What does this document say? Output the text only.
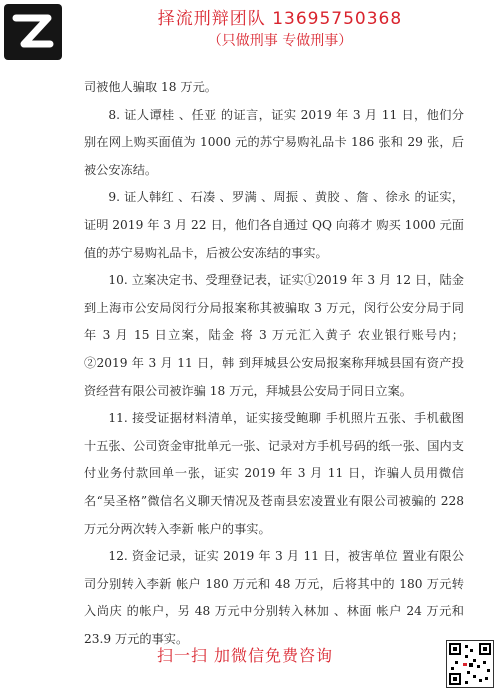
择流刑辩团队 13695750368
（只做刑事 专做刑事）

司被他人骗取 18 万元。

8. 证人谭桂 、任亚 的证言，证实 2019 年 3 月 11 日，他们分别在网上购买面值为 1000 元的苏宁易购礼品卡 186 张和 29 张，后被公安冻结。

9. 证人韩红 、石凑 、罗满 、周振 、黄胶 、詹 、徐永 的证实，证明 2019 年 3 月 22 日，他们各自通过 QQ 向蒋才 购买 1000 元面值的苏宁易购礼品卡，后被公安冻结的事实。

10. 立案决定书、受理登记表，证实①2019 年 3 月 12 日，陆金 到上海市公安局闵行分局报案称其被骗取 3 万元，闵行公安分局于同年 3 月 15 日立案，陆金 将 3 万元汇入黄子 农业银行账号内；②2019 年 3 月 11 日，韩 到拜城县公安局报案称拜城县国有资产投资经营有限公司被诈骗 18 万元，拜城县公安局于同日立案。

11. 接受证据材料清单，证实接受鲍聊 手机照片五张、手机截图十五张、公司资金审批单元一张、记录对方手机号码的纸一张、国内支付业务付款回单一张，证实 2019 年 3 月 11 日，诈骗人员用微信名“吴圣格”微信名义聊天情况及苍南县宏凌置业有限公司被骗的 228 万元分两次转入李新 帐户的事实。

12. 资金记录，证实 2019 年 3 月 11 日，被害单位 置业有限公司分别转入李新 帐户 180 万元和 48 万元，后将其中的 180 万元转入尚庆 的帐户，另 48 万元中分别转入林加 、林面 帐户 24 万元和 23.9 万元的事实。

扫一扫 加微信免费咨询
